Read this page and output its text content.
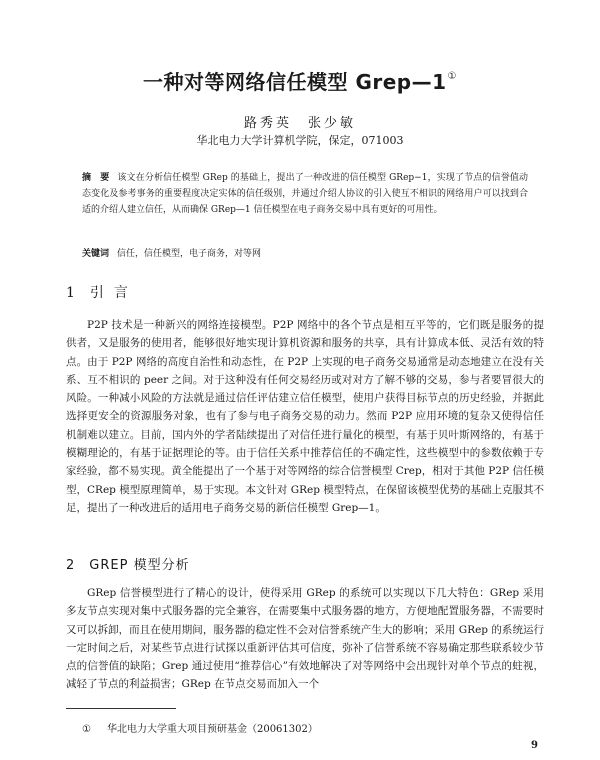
一种对等网络信任模型 Grep—1①
路秀英　张少敏
华北电力大学计算机学院，保定，071003
摘　要 该文在分析信任模型 GRep 的基础上，提出了一种改进的信任模型 GRep−1，实现了节点的信誉值动态变化及参考事务的重要程度决定实体的信任级别，并通过介绍人协议的引入使互不相识的网络用户可以找到合适的介绍人建立信任，从而确保 GRep—1 信任模型在电子商务交易中具有更好的可用性。
关键词 信任，信任模型，电子商务，对等网
1 引言
P2P 技术是一种新兴的网络连接模型。P2P 网络中的各个节点是相互平等的，它们既是服务的提供者，又是服务的使用者，能够很好地实现计算机资源和服务的共享，具有计算成本低、灵活有效的特点。由于 P2P 网络的高度自治性和动态性，在 P2P 上实现的电子商务交易通常是动态地建立在没有关系、互不相识的 peer 之间。对于这种没有任何交易经历或对对方了解不够的交易，参与者要冒很大的风险。一种减小风险的方法就是通过信任评估建立信任模型，使用户获得目标节点的历史经验，并据此选择更安全的资源服务对象，也有了参与电子商务交易的动力。然而 P2P 应用环境的复杂又使得信任机制难以建立。目前，国内外的学者陆续提出了对信任进行量化的模型，有基于贝叶斯网络的，有基于模糊理论的，有基于证据理论的等。由于信任关系中推荐信任的不确定性，这些模型中的参数依赖于专家经验，都不易实现。黄全能提出了一个基于对等网络的综合信誉模型 Crep，相对于其他 P2P 信任模型，CRep 模型原理简单，易于实现。本文针对 GRep 模型特点，在保留该模型优势的基础上克服其不足，提出了一种改进后的适用电子商务交易的新信任模型 Grep—1。
2 GREP 模型分析
GRep 信誉模型进行了精心的设计，使得采用 GRep 的系统可以实现以下几大特色：GRep 采用多友节点实现对集中式服务器的完全兼容，在需要集中式服务器的地方，方便地配置服务器，不需要时又可以拆卸，而且在使用期间，服务器的稳定性不会对信誉系统产生大的影响；采用 GRep 的系统运行一定时间之后，对某些节点进行试探以重新评估其可信度，弥补了信誉系统不容易确定那些联系较少节点的信誉值的缺陷；Grep 通过使用“推荐信心”有效地解决了对等网络中会出现针对单个节点的蛀视，减轻了节点的利益损害；GRep 在节点交易而加入一个
① 华北电力大学重大项目预研基金（20061302）
9
